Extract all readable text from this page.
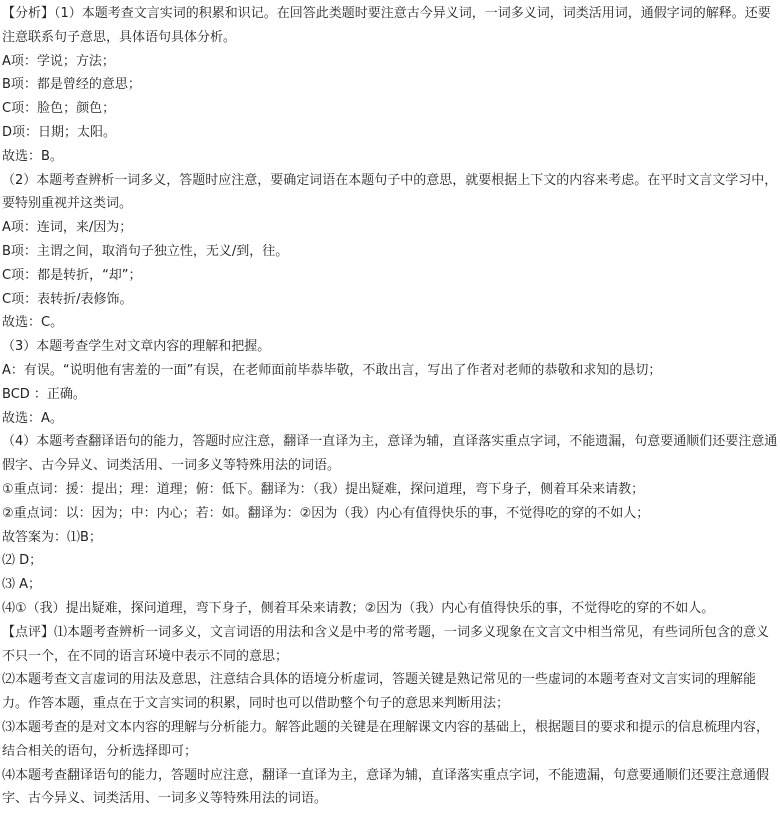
【分析】（1）本题考查文言实词的积累和识记。在回答此类题时要注意古今异义词，一词多义词，词类活用词，通假字词的解释。还要注意联系句子意思，具体语句具体分析。

A项：学说；方法；

B项：都是曾经的意思；

C项：脸色；颜色；

D项：日期；太阳。

故选：B。

（2）本题考查辨析一词多义，答题时应注意，要确定词语在本题句子中的意思，就要根据上下文的内容来考虑。在平时文言文学习中，要特别重视并这类词。

A项：连词，来/因为；

B项：主谓之间，取消句子独立性，无义/到，往。

C项：都是转折，“却”；

C项：表转折/表修饰。

故选：C。

（3）本题考查学生对文章内容的理解和把握。

A：有误。“说明他有害羞的一面”有误，在老师面前毕恭毕敬，不敢出言，写出了作者对老师的恭敬和求知的恳切；

BCD ：正确。

故选：A。

（4）本题考查翻译语句的能力，答题时应注意，翻译一直译为主，意译为辅，直译落实重点字词，不能遗漏，句意要通顺们还要注意通假字、古今异义、词类活用、一词多义等特殊用法的词语。

①重点词：援：提出；理：道理；俯：低下。翻译为：（我）提出疑难，探问道理，弯下身子，侧着耳朵来请教；

②重点词：以：因为；中：内心；若：如。翻译为：②因为（我）内心有值得快乐的事，不觉得吃的穿的不如人；

故答案为：⑴B；

⑵ D；

⑶ A；

⑷①（我）提出疑难，探问道理，弯下身子，侧着耳朵来请教；②因为（我）内心有值得快乐的事，不觉得吃的穿的不如人。

【点评】⑴本题考查辨析一词多义，文言词语的用法和含义是中考的常考题，一词多义现象在文言文中相当常见，有些词所包含的意义不只一个，在不同的语言环境中表示不同的意思；

⑵本题考查文言虚词的用法及意思，注意结合具体的语境分析虚词，答题关键是熟记常见的一些虚词的本题考查对文言实词的理解能力。作答本题，重点在于文言实词的积累，同时也可以借助整个句子的意思来判断用法；

⑶本题考查的是对文本内容的理解与分析能力。解答此题的关键是在理解课文内容的基础上，根据题目的要求和提示的信息梳理内容，结合相关的语句，分析选择即可；

⑷本题考查翻译语句的能力，答题时应注意，翻译一直译为主，意译为辅，直译落实重点字词，不能遗漏，句意要通顺们还要注意通假字、古今异义、词类活用、一词多义等特殊用法的词语。
